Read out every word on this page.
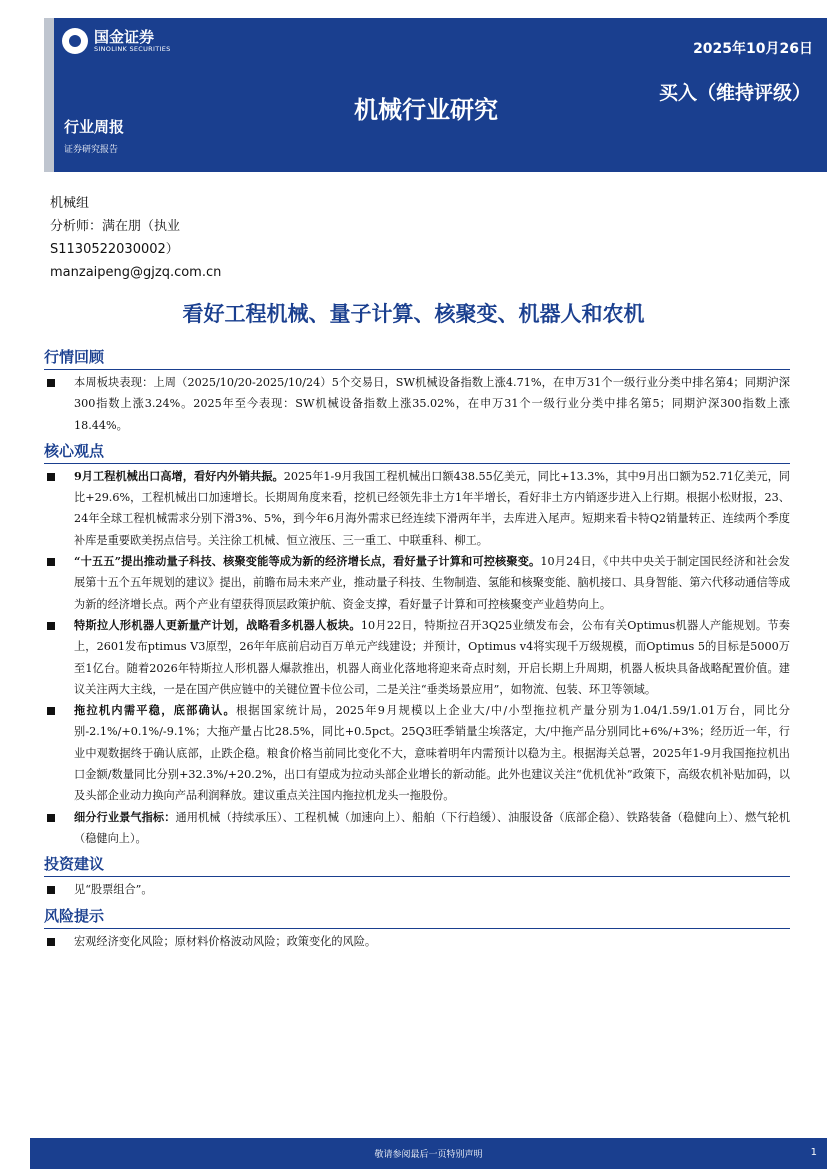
国金证券
SINOLINK SECURITIES	2025年10月26日
买入（维持评级）
机械行业研究
行业周报
证券研究报告
机械组
分析师：满在朋（执业
S1130522030002）
manzaipeng@gjzq.com.cn
看好工程机械、量子计算、核聚变、机器人和农机
行情回顾
本周板块表现：上周（2025/10/20-2025/10/24）5个交易日，SW机械设备指数上涨4.71%，在申万31个一级行业分类中排名第4；同期沪深300指数上涨3.24%。2025年至今表现：SW机械设备指数上涨35.02%，在申万31个一级行业分类中排名第5；同期沪深300指数上涨18.44%。
核心观点
9月工程机械出口高增，看好内外销共振。2025年1-9月我国工程机械出口额438.55亿美元，同比+13.3%，其中9月出口额为52.71亿美元，同比+29.6%，工程机械出口加速增长。长期周角度来看，挖机已经领先非土方1年半增长，看好非土方内销逐步进入上行期。根据小松财报，23、24年全球工程机械需求分别下滑3%、5%，到今年6月海外需求已经连续下滑两年半，去库进入尾声。短期来看卡特Q2销量转正、连续两个季度补库是重要欧美拐点信号。关注徐工机械、恒立液压、三一重工、中联重科、柳工。
“十五五”提出推动量子科技、核聚变能等成为新的经济增长点，看好量子计算和可控核聚变。10月24日，《中共中央关于制定国民经济和社会发展第十五个五年规划的建议》提出，前瞻布局未来产业，推动量子科技、生物制造、氢能和核聚变能、脑机接口、具身智能、第六代移动通信等成为新的经济增长点。两个产业有望获得顶层政策护航、资金支撑，看好量子计算和可控核聚变产业趋势向上。
特斯拉人形机器人更新量产计划，战略看多机器人板块。10月22日，特斯拉召开3Q25业绩发布会，公布有关Optimus机器人产能规划。节奏上，2601发布ptimus V3原型，26年年底前启动百万单元产线建设；并预计，Optimus v4将实现千万级规模，而Optimus 5的目标是5000万至1亿台。随着2026年特斯拉人形机器人爆款推出，机器人商业化落地将迎来奇点时刻，开启长期上升周期，机器人板块具备战略配置价值。建议关注两大主线，一是在国产供应链中的关键位置卡位公司，二是关注“垂类场景应用”，如物流、包装、环卫等领域。
拖拉机内需平稳，底部确认。根据国家统计局，2025年9月规模以上企业大/中/小型拖拉机产量分别为1.04/1.59/1.01万台，同比分别-2.1%/+0.1%/-9.1%；大拖产量占比28.5%，同比+0.5pct。25Q3旺季销量尘埃落定，大/中拖产品分别同比+6%/+3%；经历近一年，行业中观数据终于确认底部，止跌企稳。粮食价格当前同比变化不大，意味着明年内需预计以稳为主。根据海关总署，2025年1-9月我国拖拉机出口金额/数量同比分别+32.3%/+20.2%，出口有望成为拉动头部企业增长的新动能。此外也建议关注“优机优补”政策下，高级农机补贴加码，以及头部企业动力换向产品利润释放。建议重点关注国内拖拉机龙头一拖股份。
细分行业景气指标：通用机械（持续承压）、工程机械（加速向上）、船舶（下行趋缓）、油服设备（底部企稳）、铁路装备（稳健向上）、燃气轮机（稳健向上）。
投资建议
见“股票组合”。
风险提示
宏观经济变化风险；原材料价格波动风险；政策变化的风险。
敬请参阅最后一页特别声明	1
